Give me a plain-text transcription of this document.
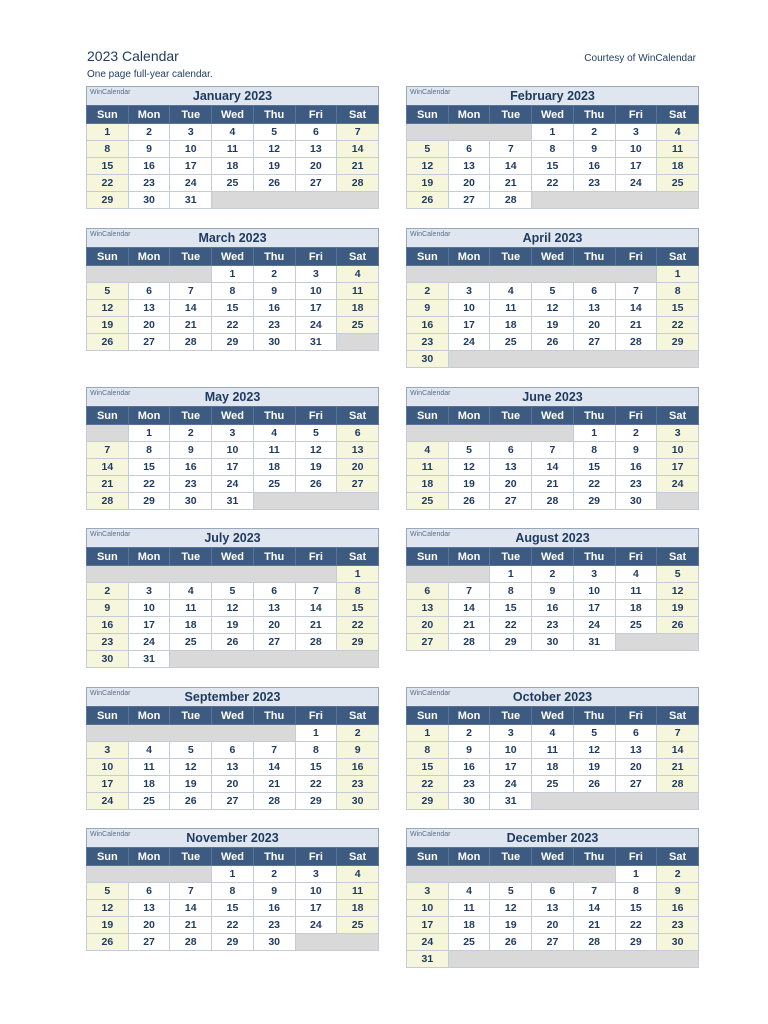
2023 Calendar
One page full-year calendar.
Courtesy of WinCalendar
WinCalendar	January 2023
Sun	Mon	Tue	Wed	Thu	Fri	Sat
1	2	3	4	5	6	7
8	9	10	11	12	13	14
15	16	17	18	19	20	21
22	23	24	25	26	27	28
29	30	31				
WinCalendar	February 2023
Sun	Mon	Tue	Wed	Thu	Fri	Sat
			1	2	3	4
5	6	7	8	9	10	11
12	13	14	15	16	17	18
19	20	21	22	23	24	25
26	27	28				
WinCalendar	March 2023
Sun	Mon	Tue	Wed	Thu	Fri	Sat
			1	2	3	4
5	6	7	8	9	10	11
12	13	14	15	16	17	18
19	20	21	22	23	24	25
26	27	28	29	30	31	
WinCalendar	April 2023
Sun	Mon	Tue	Wed	Thu	Fri	Sat
						1
2	3	4	5	6	7	8
9	10	11	12	13	14	15
16	17	18	19	20	21	22
23	24	25	26	27	28	29
30						
WinCalendar	May 2023
Sun	Mon	Tue	Wed	Thu	Fri	Sat
	1	2	3	4	5	6
7	8	9	10	11	12	13
14	15	16	17	18	19	20
21	22	23	24	25	26	27
28	29	30	31			
WinCalendar	June 2023
Sun	Mon	Tue	Wed	Thu	Fri	Sat
				1	2	3
4	5	6	7	8	9	10
11	12	13	14	15	16	17
18	19	20	21	22	23	24
25	26	27	28	29	30	
WinCalendar	July 2023
Sun	Mon	Tue	Wed	Thu	Fri	Sat
						1
2	3	4	5	6	7	8
9	10	11	12	13	14	15
16	17	18	19	20	21	22
23	24	25	26	27	28	29
30	31					
WinCalendar	August 2023
Sun	Mon	Tue	Wed	Thu	Fri	Sat
		1	2	3	4	5
6	7	8	9	10	11	12
13	14	15	16	17	18	19
20	21	22	23	24	25	26
27	28	29	30	31		
WinCalendar	September 2023
Sun	Mon	Tue	Wed	Thu	Fri	Sat
					1	2
3	4	5	6	7	8	9
10	11	12	13	14	15	16
17	18	19	20	21	22	23
24	25	26	27	28	29	30
WinCalendar	October 2023
Sun	Mon	Tue	Wed	Thu	Fri	Sat
1	2	3	4	5	6	7
8	9	10	11	12	13	14
15	16	17	18	19	20	21
22	23	24	25	26	27	28
29	30	31				
WinCalendar	November 2023
Sun	Mon	Tue	Wed	Thu	Fri	Sat
			1	2	3	4
5	6	7	8	9	10	11
12	13	14	15	16	17	18
19	20	21	22	23	24	25
26	27	28	29	30		
WinCalendar	December 2023
Sun	Mon	Tue	Wed	Thu	Fri	Sat
					1	2
3	4	5	6	7	8	9
10	11	12	13	14	15	16
17	18	19	20	21	22	23
24	25	26	27	28	29	30
31						
